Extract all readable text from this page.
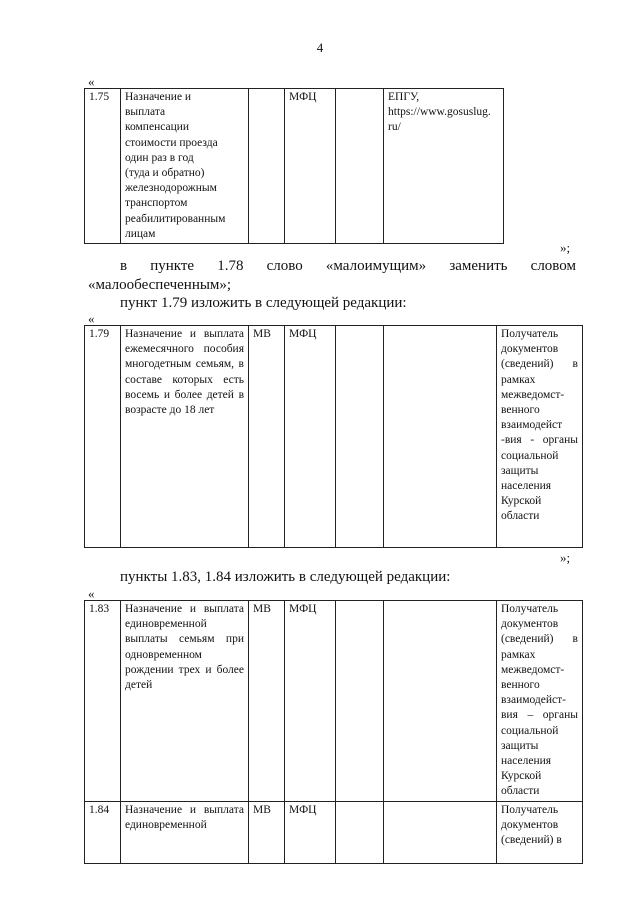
4
«
1.75	Назначение и
выплата
компенсации
стоимости проезда
один раз в год
(туда и обратно)
железнодорожным
транспортом
реабилитированным
лицам		МФЦ		ЕПГУ,
https://www.gosuslug.
ru/
»;
в пункте 1.78 слово «малоимущим» заменить словом «малообеспеченным»;
пункт 1.79 изложить в следующей редакции:
«
1.79	Назначение и выплата ежемесячного пособия многодетным семьям, в составе которых есть восемь и более детей в возрасте до 18 лет	МВ	МФЦ			Получатель документов (сведений) в рамках межведомст-венного взаимодейст -вия - органы социальной защиты населения Курской области
»;
пункты 1.83, 1.84 изложить в следующей редакции:
«
1.83	Назначение и выплата единовременной выплаты семьям при одновременном рождении трех и более детей	МВ	МФЦ			Получатель документов (сведений) в рамках межведомст-венного взаимодейст-вия – органы социальной защиты населения Курской области
1.84	Назначение и выплата единовременной	МВ	МФЦ			Получатель документов (сведений) в
